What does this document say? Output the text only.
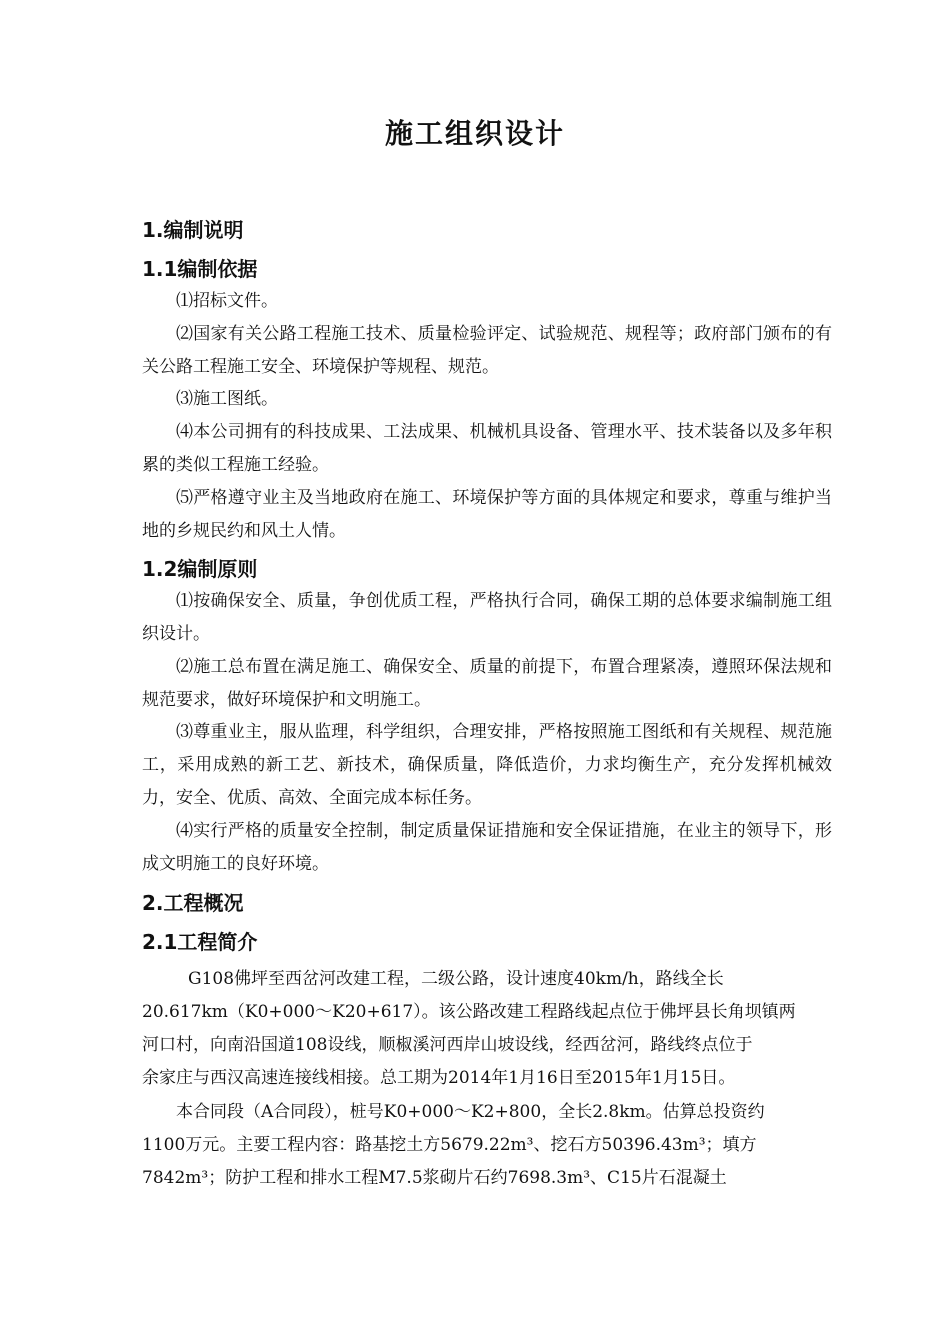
施工组织设计
1.编制说明
1.1编制依据
⑴招标文件。
⑵国家有关公路工程施工技术、质量检验评定、试验规范、规程等；政府部门颁布的有关公路工程施工安全、环境保护等规程、规范。
⑶施工图纸。
⑷本公司拥有的科技成果、工法成果、机械机具设备、管理水平、技术装备以及多年积累的类似工程施工经验。
⑸严格遵守业主及当地政府在施工、环境保护等方面的具体规定和要求，尊重与维护当地的乡规民约和风土人情。
1.2编制原则
⑴按确保安全、质量，争创优质工程，严格执行合同，确保工期的总体要求编制施工组织设计。
⑵施工总布置在满足施工、确保安全、质量的前提下，布置合理紧凑，遵照环保法规和规范要求，做好环境保护和文明施工。
⑶尊重业主，服从监理，科学组织，合理安排，严格按照施工图纸和有关规程、规范施工，采用成熟的新工艺、新技术，确保质量，降低造价，力求均衡生产，充分发挥机械效力，安全、优质、高效、全面完成本标任务。
⑷实行严格的质量安全控制，制定质量保证措施和安全保证措施，在业主的领导下，形成文明施工的良好环境。
2.工程概况
2.1工程简介
G108佛坪至西岔河改建工程，二级公路，设计速度40km/h，路线全长
20.617km（K0+000～K20+617）。该公路改建工程路线起点位于佛坪县长角坝镇两
河口村，向南沿国道108设线，顺椒溪河西岸山坡设线，经西岔河，路线终点位于
余家庄与西汉高速连接线相接。总工期为2014年1月16日至2015年1月15日。
本合同段（A合同段），桩号K0+000～K2+800，全长2.8km。估算总投资约
1100万元。主要工程内容：路基挖土方5679.22m³、挖石方50396.43m³；填方
7842m³；防护工程和排水工程M7.5浆砌片石约7698.3m³、C15片石混凝土
